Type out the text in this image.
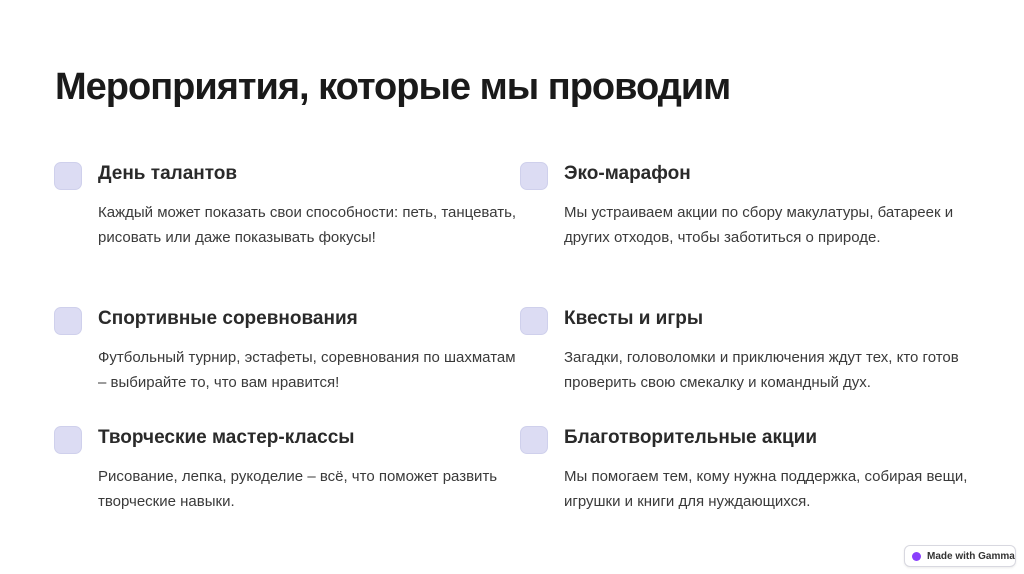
Мероприятия, которые мы проводим
День талантов

Каждый может показать свои способности: петь, танцевать, рисовать или даже показывать фокусы!

Эко-марафон

Мы устраиваем акции по сбору макулатуры, батареек и других отходов, чтобы заботиться о природе.

Спортивные соревнования

Футбольный турнир, эстафеты, соревнования по шахматам – выбирайте то, что вам нравится!

Квесты и игры

Загадки, головоломки и приключения ждут тех, кто готов проверить свою смекалку и командный дух.

Творческие мастер-классы

Рисование, лепка, рукоделие – всё, что поможет развить творческие навыки.

Благотворительные акции

Мы помогаем тем, кому нужна поддержка, собирая вещи, игрушки и книги для нуждающихся.

Made with Gamma
